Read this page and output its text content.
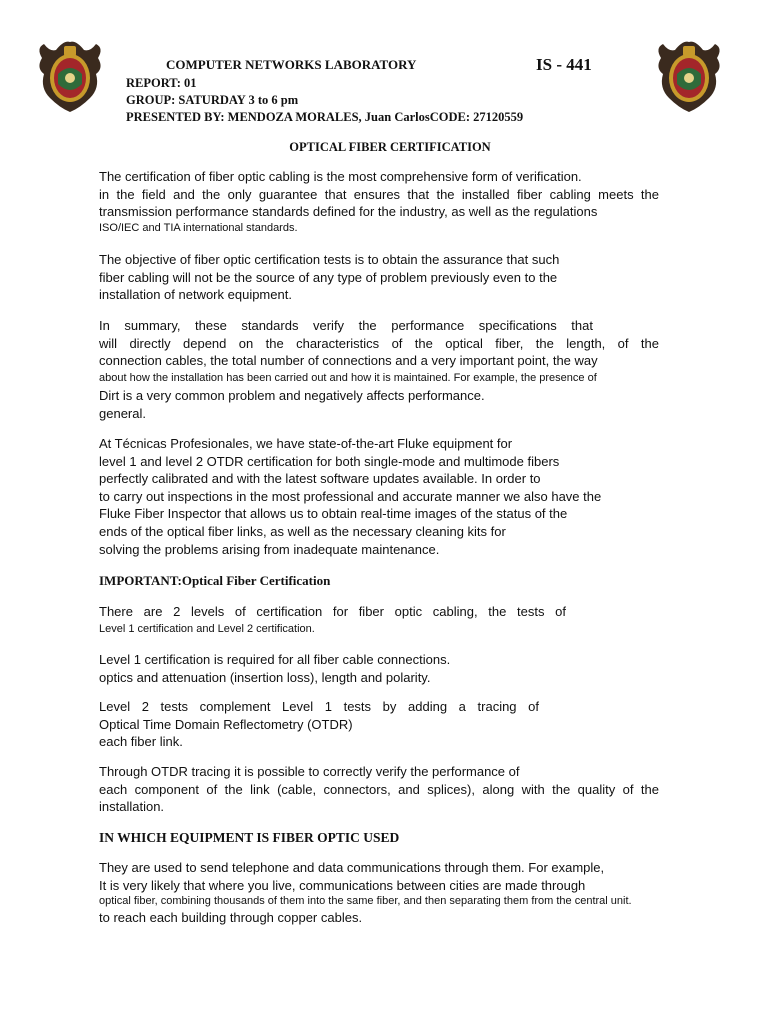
COMPUTER NETWORKS LABORATORY	IS - 441
REPORT: 01
GROUP: SATURDAY 3 to 6 pm
PRESENTED BY: MENDOZA MORALES, Juan CarlosCODE: 27120559
OPTICAL FIBER CERTIFICATION
The certification of fiber optic cabling is the most comprehensive form of verification.
in the field and the only guarantee that ensures that the installed fiber cabling meets the
transmission performance standards defined for the industry, as well as the regulations
ISO/IEC and TIA international standards.
The objective of fiber optic certification tests is to obtain the assurance that such
fiber cabling will not be the source of any type of problem previously even to the
installation of network equipment.
In summary, these standards verify the performance specifications that
will directly depend on the characteristics of the optical fiber, the length, of the
connection cables, the total number of connections and a very important point, the way
about how the installation has been carried out and how it is maintained. For example, the presence of
Dirt is a very common problem and negatively affects performance.
general.
At Técnicas Profesionales, we have state-of-the-art Fluke equipment for
level 1 and level 2 OTDR certification for both single-mode and multimode fibers
perfectly calibrated and with the latest software updates available. In order to
to carry out inspections in the most professional and accurate manner we also have the
Fluke Fiber Inspector that allows us to obtain real-time images of the status of the
ends of the optical fiber links, as well as the necessary cleaning kits for
solving the problems arising from inadequate maintenance.
IMPORTANT:Optical Fiber Certification
There are 2 levels of certification for fiber optic cabling, the tests of
Level 1 certification and Level 2 certification.
Level 1 certification is required for all fiber cable connections.
optics and attenuation (insertion loss), length and polarity.
Level 2 tests complement Level 1 tests by adding a tracing of
Optical Time Domain Reflectometry (OTDR)
each fiber link.
Through OTDR tracing it is possible to correctly verify the performance of
each component of the link (cable, connectors, and splices), along with the quality of the
installation.
IN WHICH EQUIPMENT IS FIBER OPTIC USED
They are used to send telephone and data communications through them. For example,
It is very likely that where you live, communications between cities are made through
optical fiber, combining thousands of them into the same fiber, and then separating them from the central unit.
to reach each building through copper cables.
